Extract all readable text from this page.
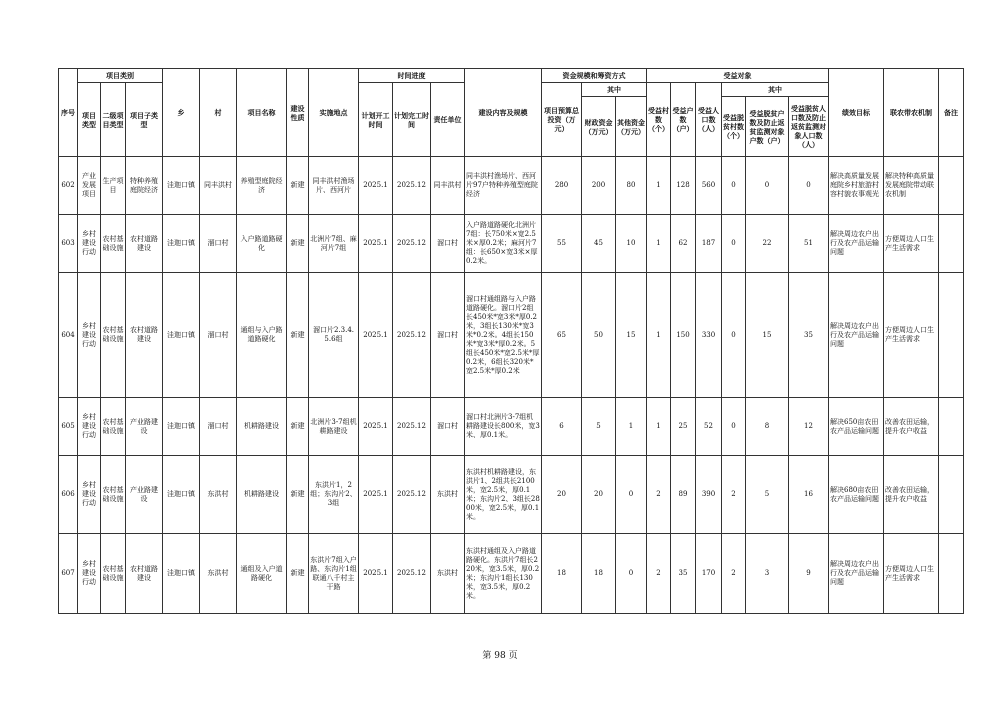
序号	项目类别			乡	村	项目名称	建设性质	实施地点	时间进度			建设内容及规模	资金规模和筹资方式			受益对象						绩效目标	联农带农机制	备注
	项目类型	二级项目类型	项目子类型						计划开工时间	计划完工时间	责任单位		项目预算总投资（万元）	其中		受益村数（个）	受益户数（户）	受益人口数（人）	其中					
														财政资金（万元）	其他资金（万元）				受益脱贫村数（个）	受益脱贫户数及防止返贫监测对象户数（户）	受益脱贫人口数及防止返贫监测对象人口数（人）			
602	产业发展项目	生产项目	特种养殖庭院经济	洼迦口镇	同丰洪村	养殖型庭院经济	新建	同丰洪村渔场片、西河片	2025.1	2025.12	同丰洪村	同丰洪村渔场片、西河片97户特种养殖型庭院经济	280	200	80	1	128	560	0	0	0	解决高质量发展庭院乡村旅游村容村貌农事观光	解决特种高质量发展庭院带动联农机制	
603	乡村建设行动	农村基础设施	农村道路建设	洼迦口镇	溜口村	入户路道路硬化	新建	北洲片7组、麻河片7组	2025.1	2025.12	溜口村	入户路道路硬化北洲片7组：长750米×宽2.5米×厚0.2米；麻河片7组：长650×宽3米×厚0.2米。	55	45	10	1	62	187	0	22	51	解决周边农户出行及农产品运输问题	方便周边人口生产生活需求	
604	乡村建设行动	农村基础设施	农村道路建设	洼迦口镇	溜口村	通组与入户路道路硬化	新建	溜口片2.3.4.5.6组	2025.1	2025.12	溜口村	溜口村通组路与入户路道路硬化。溜口片2组长450米*宽3米*厚0.2米，3组长130米*宽3米*0.2米。4组长150米*宽3米*厚0.2米。5组长450米*宽2.5米*厚0.2米，6组长320米*宽2.5米*厚0.2米	65	50	15	1	150	330	0	15	35	解决周边农户出行及农产品运输问题	方便周边人口生产生活需求	
605	乡村建设行动	农村基础设施	产业路建设	洼迦口镇	溜口村	机耕路建设	新建	北洲片3-7组机耕路建设	2025.1	2025.12	溜口村	溜口村北洲片3-7组机耕路建设长800米，宽3米、厚0.1米。	6	5	1	1	25	52	0	8	12	解决650亩农田农产品运输问题	改善农田运输，提升农户收益	
606	乡村建设行动	农村基础设施	产业路建设	洼迦口镇	东洪村	机耕路建设	新建	东洪片1，2组；东沟片2、3组	2025.1	2025.12	东洪村	东洪村机耕路建设，东洪片1、2组共长2100米，宽2.5米，厚0.1米；东沟片2、3组长2800米，宽2.5米，厚0.1米。	20	20	0	2	89	390	2	5	16	解决680亩农田农产品运输问题	改善农田运输，提升农户收益	
607	乡村建设行动	农村基础设施	农村道路建设	洼迦口镇	东洪村	通组及入户道路硬化	新建	东洪片7组入户路、东沟片1组联通八千村主干路	2025.1	2025.12	东洪村	东洪村通组及入户路道路硬化。东洪片7组长220米，宽3.5米，厚0.2米；东沟片1组长130米，宽3.5米，厚0.2米。	18	18	0	2	35	170	2	3	9	解决周边农户出行及农产品运输问题	方便周边人口生产生活需求	
第 98 页
